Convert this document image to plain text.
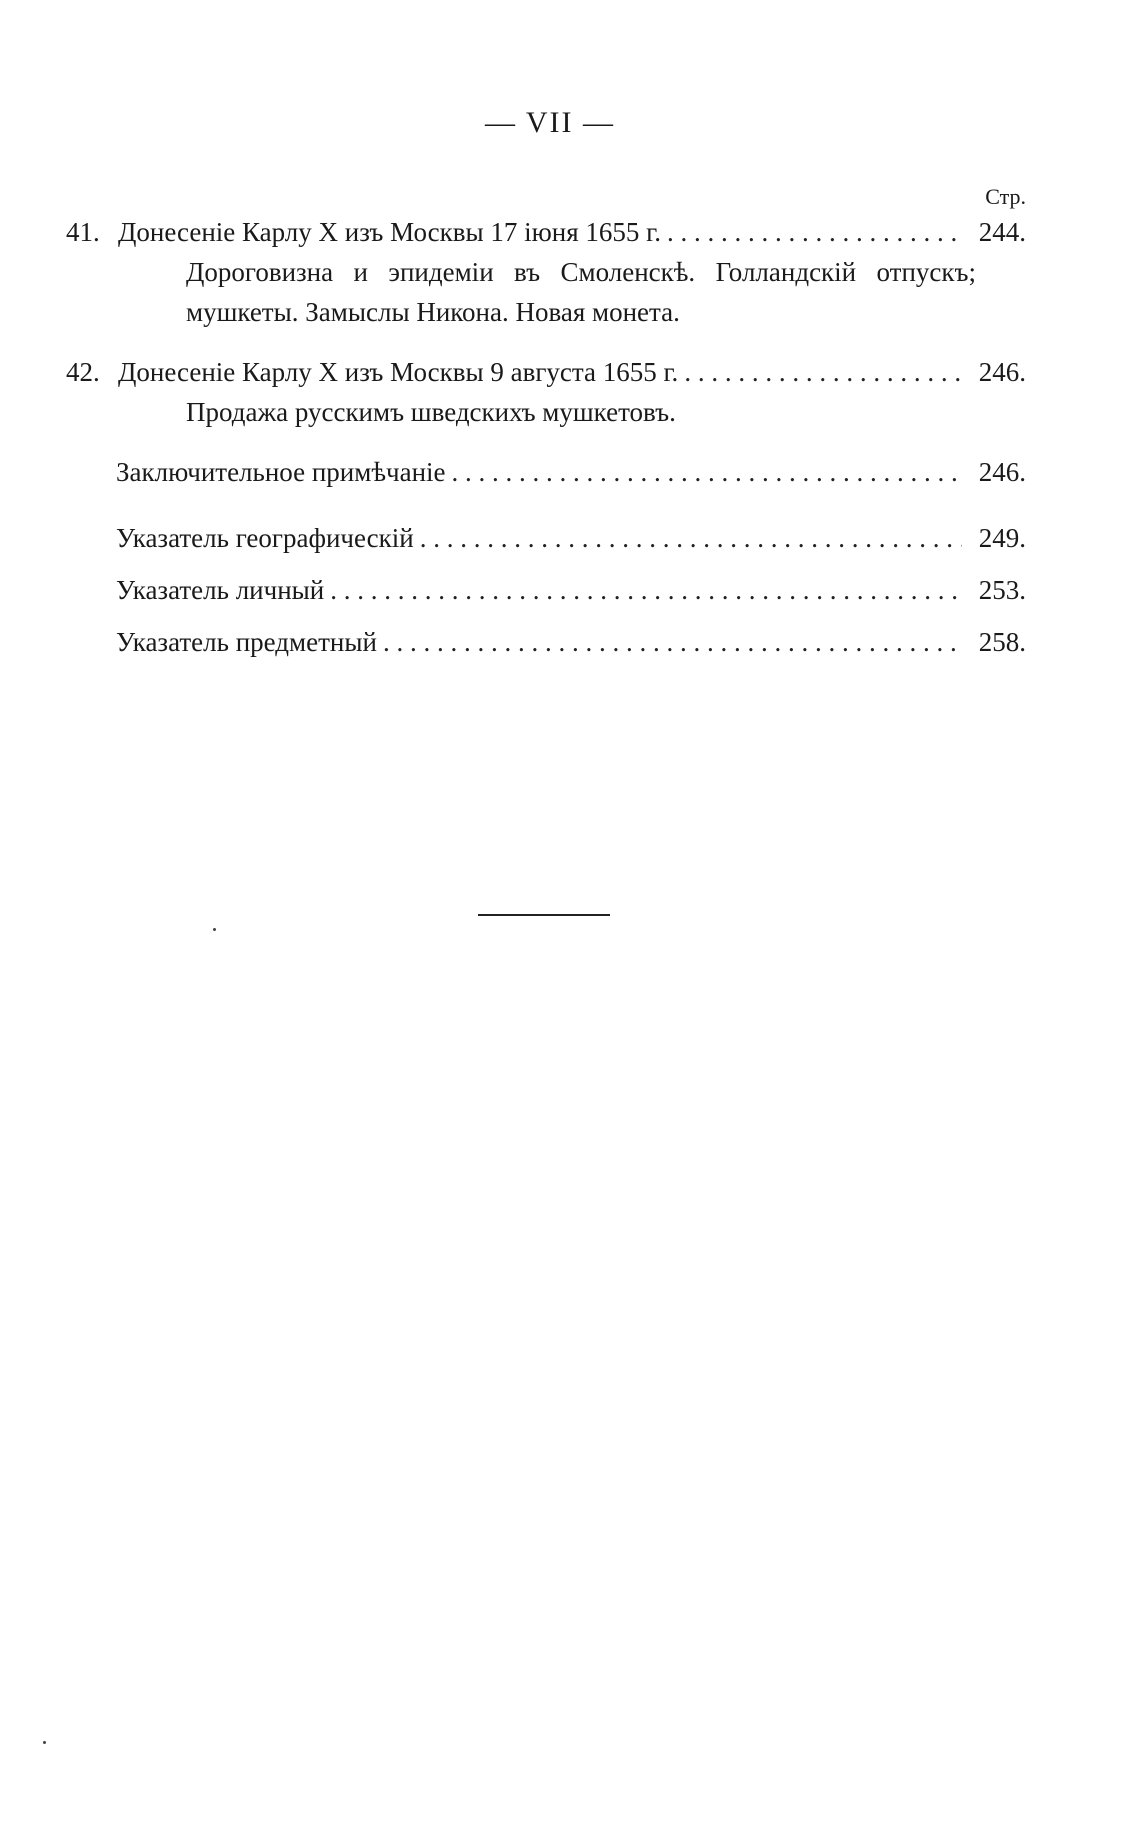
— VII —
Стр.
41. Донесеніе Карлу X изъ Москвы 17 іюня 1655 г. . . .	244.
Дороговизна и эпидеміи въ Смоленскѣ. Голландскій отпускъ; мушкеты. Замыслы Никона. Новая монета.
42. Донесеніе Карлу X изъ Москвы 9 августа 1655 г. . . .	246.
Продажа русскимъ шведскихъ мушкетовъ.
Заключительное примѣчаніе . . .	246.
Указатель географическій . . .	249.
Указатель личный . . .	253.
Указатель предметный . . .	258.
